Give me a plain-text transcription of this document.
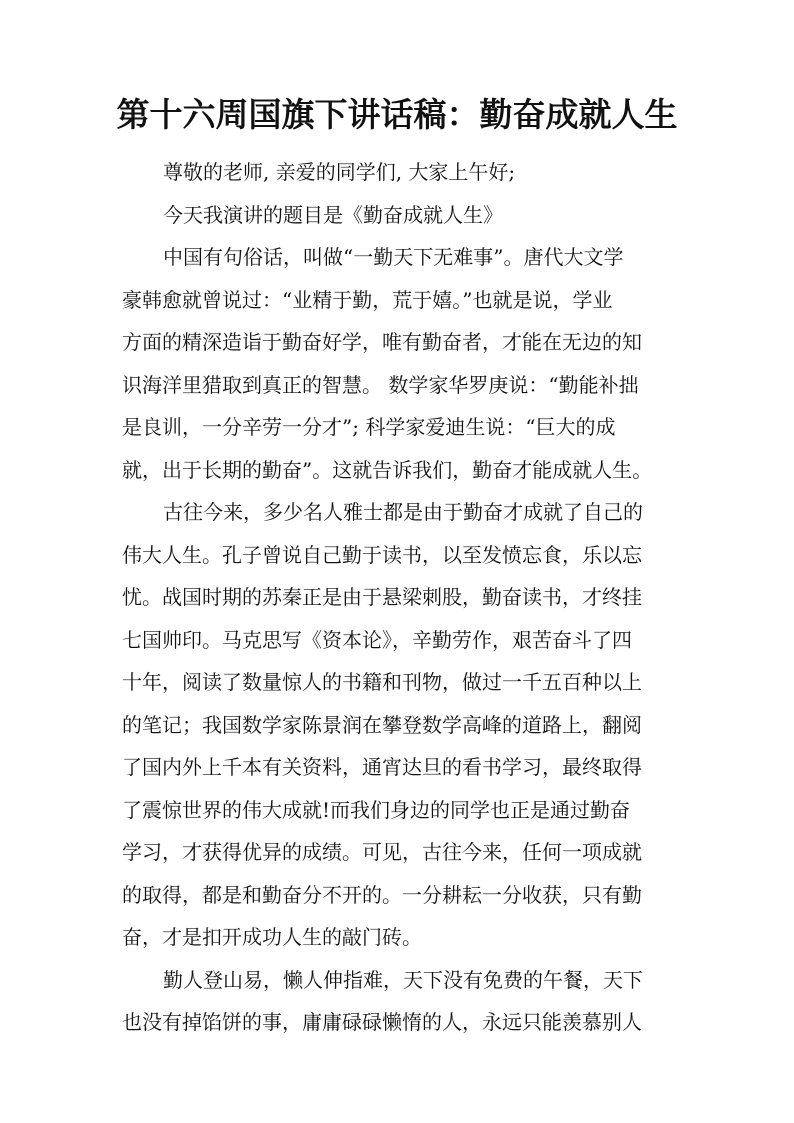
第十六周国旗下讲话稿：勤奋成就人生
尊敬的老师, 亲爱的同学们, 大家上午好;
今天我演讲的题目是《勤奋成就人生》
中国有句俗话，叫做“一勤天下无难事”。唐代大文学
豪韩愈就曾说过：“业精于勤，荒于嬉。”也就是说，学业
方面的精深造诣于勤奋好学，唯有勤奋者，才能在无边的知
识海洋里猎取到真正的智慧。 数学家华罗庚说：“勤能补拙
是良训，一分辛劳一分才”; 科学家爱迪生说：“巨大的成
就，出于长期的勤奋”。这就告诉我们，勤奋才能成就人生。
古往今来，多少名人雅士都是由于勤奋才成就了自己的
伟大人生。孔子曾说自己勤于读书，以至发愤忘食，乐以忘
忧。战国时期的苏秦正是由于悬梁刺股，勤奋读书，才终挂
七国帅印。马克思写《资本论》，辛勤劳作，艰苦奋斗了四
十年，阅读了数量惊人的书籍和刊物，做过一千五百种以上
的笔记；我国数学家陈景润在攀登数学高峰的道路上，翻阅
了国内外上千本有关资料，通宵达旦的看书学习，最终取得
了震惊世界的伟大成就!而我们身边的同学也正是通过勤奋
学习，才获得优异的成绩。可见，古往今来，任何一项成就
的取得，都是和勤奋分不开的。一分耕耘一分收获，只有勤
奋，才是扣开成功人生的敲门砖。
勤人登山易，懒人伸指难，天下没有免费的午餐，天下
也没有掉馅饼的事，庸庸碌碌懒惰的人，永远只能羡慕别人
